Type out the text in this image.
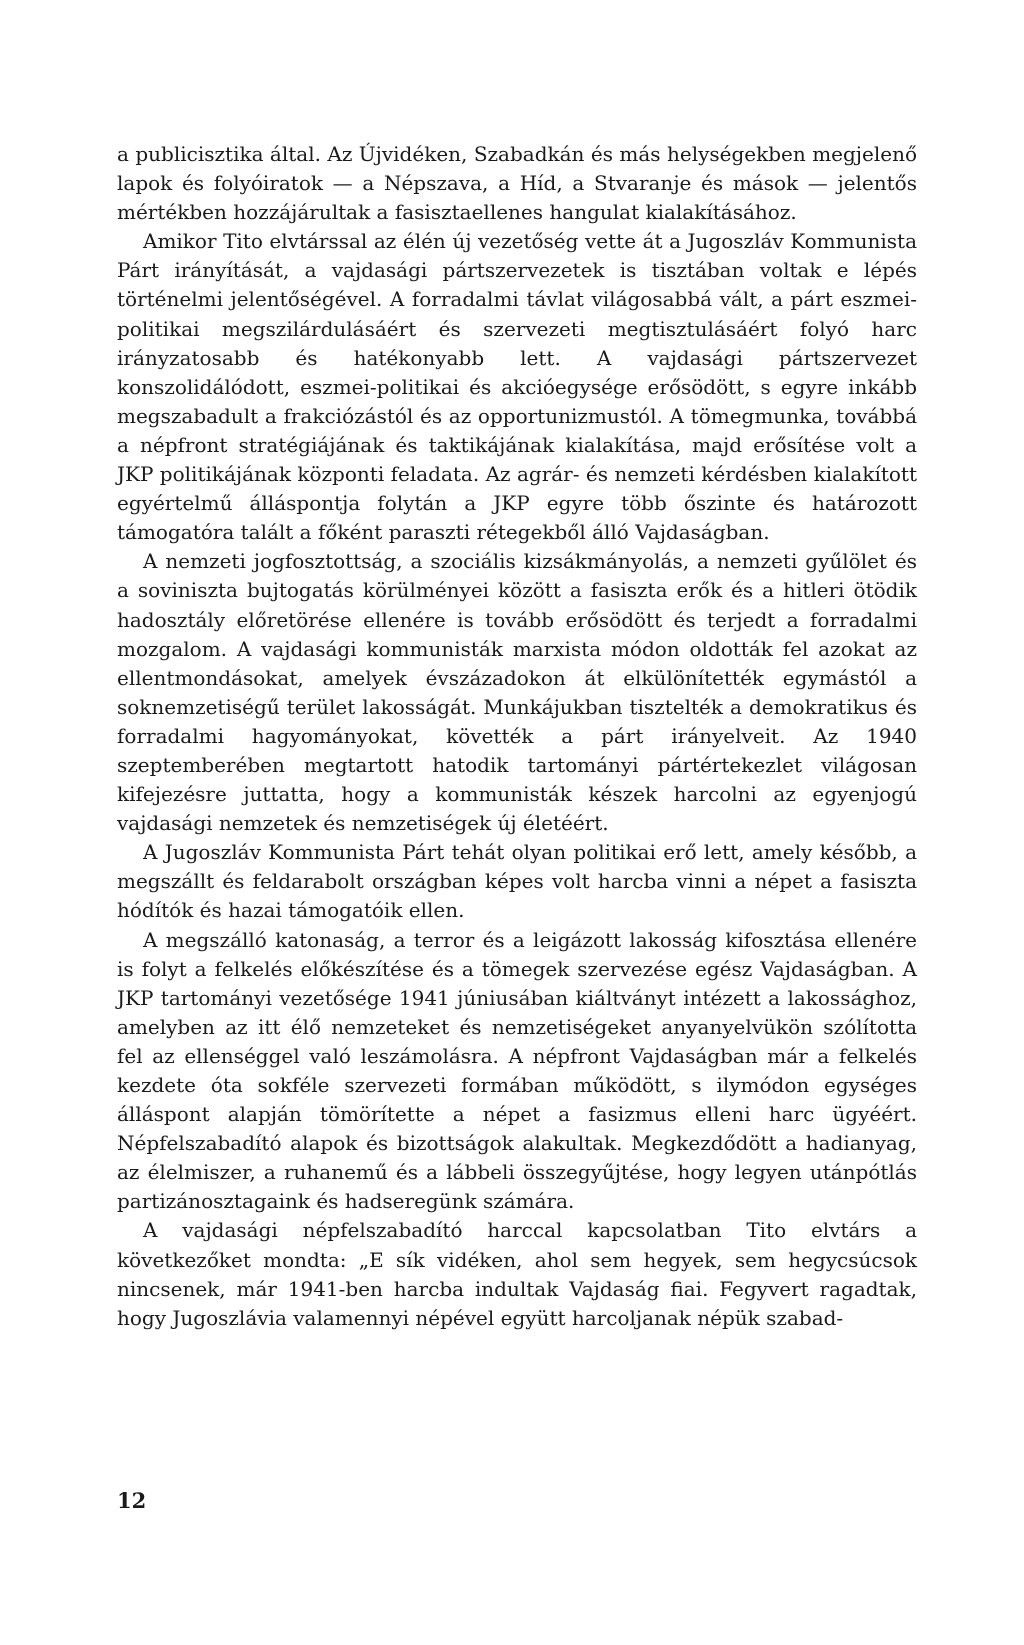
a publicisztika által. Az Újvidéken, Szabadkán és más helységekben megjelenő lapok és folyóiratok — a Népszava, a Híd, a Stvaranje és mások — jelentős mértékben hozzájárultak a fasisztaellenes hangulat kialakításához.

Amikor Tito elvtárssal az élén új vezetőség vette át a Jugoszláv Kommunista Párt irányítását, a vajdasági pártszervezetek is tisztában voltak e lépés történelmi jelentőségével. A forradalmi távlat világosabbá vált, a párt eszmei-politikai megszilárdulásáért és szervezeti megtisztulásáért folyó harc irányzatosabb és hatékonyabb lett. A vajdasági pártszervezet konszolidálódott, eszmei-politikai és akcióegysége erősödött, s egyre inkább megszabadult a frakciózástól és az opportunizmustól. A tömegmunka, továbbá a népfront stratégiájának és taktikájának kialakítása, majd erősítése volt a JKP politikájának központi feladata. Az agrár- és nemzeti kérdésben kialakított egyértelmű álláspontja folytán a JKP egyre több őszinte és határozott támogatóra talált a főként paraszti rétegekből álló Vajdaságban.

A nemzeti jogfosztottság, a szociális kizsákmányolás, a nemzeti gyűlölet és a soviniszta bujtogatás körülményei között a fasiszta erők és a hitleri ötödik hadosztály előretörése ellenére is tovább erősödött és terjedt a forradalmi mozgalom. A vajdasági kommunisták marxista módon oldották fel azokat az ellentmondásokat, amelyek évszázadokon át elkülönítették egymástól a soknemzetiségű terület lakosságát. Munkájukban tisztelték a demokratikus és forradalmi hagyományokat, követték a párt irányelveit. Az 1940 szeptemberében megtartott hatodik tartományi pártértekezlet világosan kifejezésre juttatta, hogy a kommunisták készek harcolni az egyenjogú vajdasági nemzetek és nemzetiségek új életéért.

A Jugoszláv Kommunista Párt tehát olyan politikai erő lett, amely később, a megszállt és feldarabolt országban képes volt harcba vinni a népet a fasiszta hódítók és hazai támogatóik ellen.

A megszálló katonaság, a terror és a leigázott lakosság kifosztása ellenére is folyt a felkelés előkészítése és a tömegek szervezése egész Vajdaságban. A JKP tartományi vezetősége 1941 júniusában kiáltványt intézett a lakossághoz, amelyben az itt élő nemzeteket és nemzetiségeket anyanyelvükön szólította fel az ellenséggel való leszámolásra. A népfront Vajdaságban már a felkelés kezdete óta sokféle szervezeti formában működött, s ilymódon egységes álláspont alapján tömörítette a népet a fasizmus elleni harc ügyéért. Népfelszabadító alapok és bizottságok alakultak. Megkezdődött a hadianyag, az élelmiszer, a ruhanemű és a lábbeli összegyűjtése, hogy legyen utánpótlás partizánosztagaink és hadseregünk számára.

A vajdasági népfelszabadító harccal kapcsolatban Tito elvtárs a következőket mondta: „E sík vidéken, ahol sem hegyek, sem hegycsúcsok nincsenek, már 1941-ben harcba indultak Vajdaság fiai. Fegyvert ragadtak, hogy Jugoszlávia valamennyi népével együtt harcoljanak népük szabad-

12
